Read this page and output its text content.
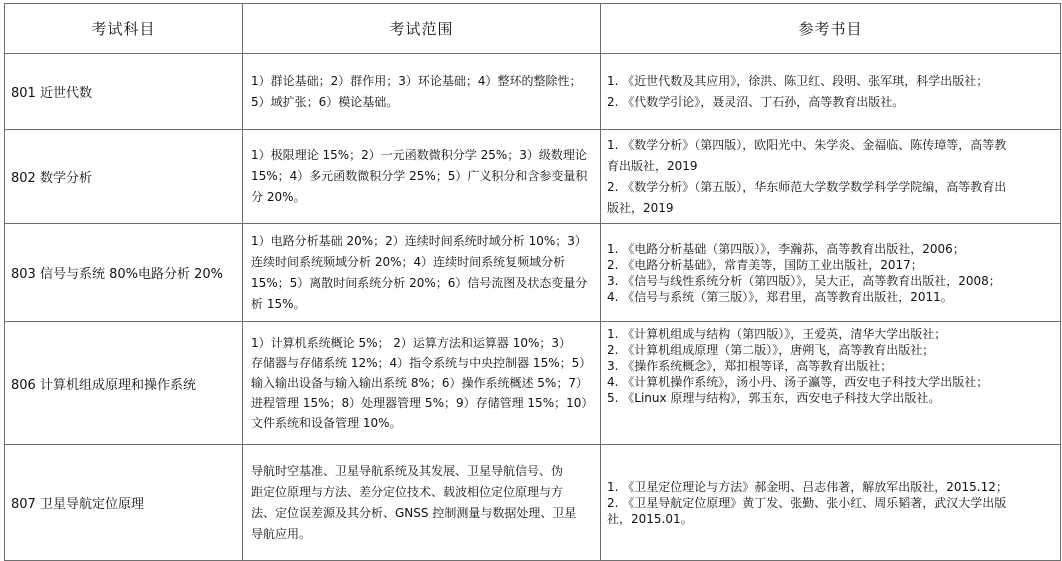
考试科目	考试范围	参考书目
801 近世代数	1）群论基础；2）群作用；3）环论基础；4）整环的整除性；
5）域扩张；6）模论基础。	1. 《近世代数及其应用》，徐洪、陈卫红、段明、张军琪，科学出版社；
2. 《代数学引论》，聂灵沼、丁石孙，高等教育出版社。

802 数学分析	1）极限理论 15%；2）一元函数微积分学 25%；3）级数理论
15%；4）多元函数微积分学 25%；5）广义积分和含参变量积
分 20%。	1. 《数学分析》（第四版），欧阳光中、朱学炎、金福临、陈传璋等，高等教
育出版社，2019
2. 《数学分析》（第五版），华东师范大学数学数学科学学院编，高等教育出
版社，2019

803 信号与系统 80%电路分析 20%	1）电路分析基础 20%；2）连续时间系统时域分析 10%；3）
连续时间系统频域分析 20%；4）连续时间系统复频域分析
15%；5）离散时间系统分析 20%；6）信号流图及状态变量分
析 15%。	1. 《电路分析基础（第四版）》，李瀚荪，高等教育出版社，2006；
2. 《电路分析基础》，常青美等，国防工业出版社，2017；
3. 《信号与线性系统分析（第四版）》，吴大正，高等教育出版社，2008；
4. 《信号与系统（第三版）》，郑君里，高等教育出版社，2011。

806 计算机组成原理和操作系统	1）计算机系统概论 5%； 2）运算方法和运算器 10%；3）
存储器与存储系统 12%；4）指令系统与中央控制器 15%；5）
输入输出设备与输入输出系统 8%；6）操作系统概述 5%；7）
进程管理 15%；8）处理器管理 5%；9）存储管理 15%；10）
文件系统和设备管理 10%。	1. 《计算机组成与结构（第四版）》，王爱英，清华大学出版社；
2. 《计算机组成原理（第二版）》，唐朔飞，高等教育出版社；
3. 《操作系统概念》，郑扣根等译，高等教育出版社；
4. 《计算机操作系统》，汤小丹、汤子瀛等，西安电子科技大学出版社；
5. 《Linux 原理与结构》，郭玉东，西安电子科技大学出版社。

807 卫星导航定位原理	导航时空基准、卫星导航系统及其发展、卫星导航信号、伪
距定位原理与方法、差分定位技术、载波相位定位原理与方
法、定位误差源及其分析、GNSS 控制测量与数据处理、卫星
导航应用。	1. 《卫星定位理论与方法》郝金明、吕志伟著，解放军出版社，2015.12；
2. 《卫星导航定位原理》黄丁发、张勤、张小红、周乐韬著，武汉大学出版
社，2015.01。
